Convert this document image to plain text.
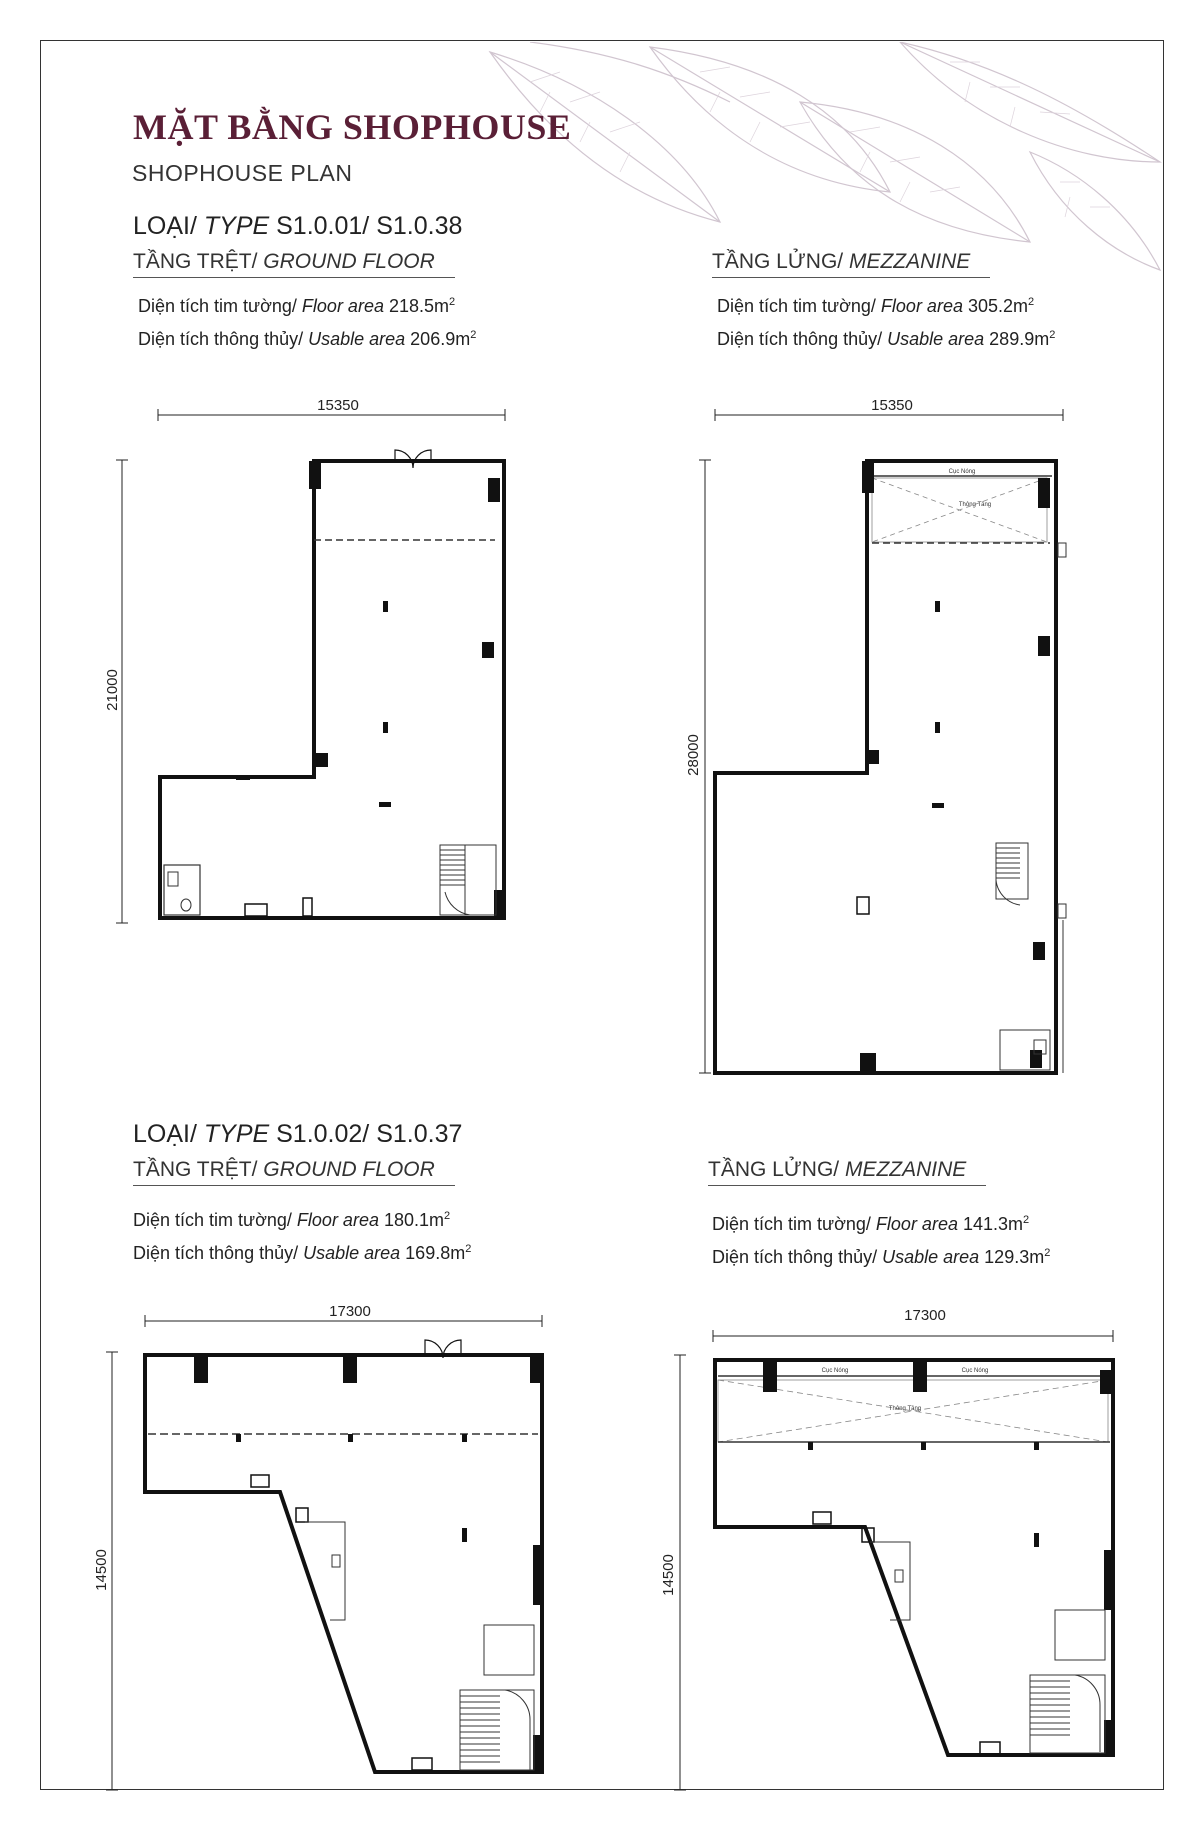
MẶT BẰNG SHOPHOUSE
SHOPHOUSE PLAN
LOẠI/ TYPE S1.0.01/ S1.0.38
TẦNG TRỆT/ GROUND FLOOR
Diện tích tim tường/ Floor area $218.5m^2$
Diện tích thông thủy/ Usable area $206.9m^2$
TẦNG LỬNG/ MEZZANINE
Diện tích tim tường/ Floor area $305.2m^2$
Diện tích thông thủy/ Usable area $289.9m^2$
LOẠI/ TYPE S1.0.02/ S1.0.37
TẦNG TRỆT/ GROUND FLOOR
Diện tích tim tường/ Floor area $180.1m^2$
Diện tích thông thủy/ Usable area $169.8m^2$
TẦNG LỬNG/ MEZZANINE
Diện tích tim tường/ Floor area $141.3m^2$
Diện tích thông thủy/ Usable area $129.3m^2$
15350
21000
15350
28000
Cục Nóng
Thông Tầng
17300
14500
17300
14500
Cục Nóng	Cục Nóng
Thông Tầng
